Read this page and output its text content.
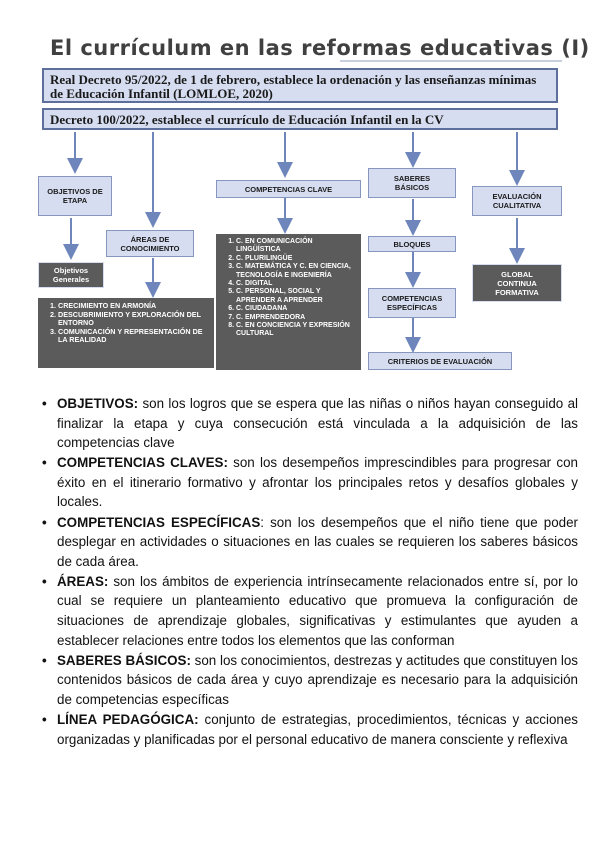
El currículum en las reformas educativas (I)
Real Decreto 95/2022, de 1 de febrero, establece la ordenación y las enseñanzas mínimas de Educación Infantil (LOMLOE, 2020)
Decreto 100/2022, establece el currículo de Educación Infantil en la CV
OBJETIVOS DE ETAPA
Objetivos Generales
ÁREAS DE CONOCIMIENTO
1. CRECIMIENTO EN ARMONÍA
2. DESCUBRIMIENTO Y EXPLORACIÓN DEL ENTORNO
3. COMUNICACIÓN Y REPRESENTACIÓN DE LA REALIDAD
COMPETENCIAS CLAVE
1. C. EN COMUNICACIÓN LINGÜÍSTICA
2. C. PLURILINGÜE
3. C. MATEMÁTICA Y C. EN CIENCIA, TECNOLOGÍA E INGENIERÍA
4. C. DIGITAL
5. C. PERSONAL, SOCIAL Y APRENDER A APRENDER
6. C. CIUDADANA
7. C. EMPRENDEDORA
8. C. EN CONCIENCIA Y EXPRESIÓN CULTURAL
SABERES BÁSICOS
BLOQUES
COMPETENCIAS ESPECÍFICAS
CRITERIOS DE EVALUACIÓN
EVALUACIÓN CUALITATIVA
GLOBAL CONTINUA FORMATIVA
• OBJETIVOS: son los logros que se espera que las niñas o niños hayan conseguido al finalizar la etapa y cuya consecución está vinculada a la adquisición de las competencias clave
• COMPETENCIAS CLAVES: son los desempeños imprescindibles para progresar con éxito en el itinerario formativo y afrontar los principales retos y desafíos globales y locales.
• COMPETENCIAS ESPECÍFICAS: son los desempeños que el niño tiene que poder desplegar en actividades o situaciones en las cuales se requieren los saberes básicos de cada área.
• ÁREAS: son los ámbitos de experiencia intrínsecamente relacionados entre sí, por lo cual se requiere un planteamiento educativo que promueva la configuración de situaciones de aprendizaje globales, significativas y estimulantes que ayuden a establecer relaciones entre todos los elementos que las conforman
• SABERES BÁSICOS: son los conocimientos, destrezas y actitudes que constituyen los contenidos básicos de cada área y cuyo aprendizaje es necesario para la adquisición de competencias específicas
• LÍNEA PEDAGÓGICA: conjunto de estrategias, procedimientos, técnicas y acciones organizadas y planificadas por el personal educativo de manera consciente y reflexiva
